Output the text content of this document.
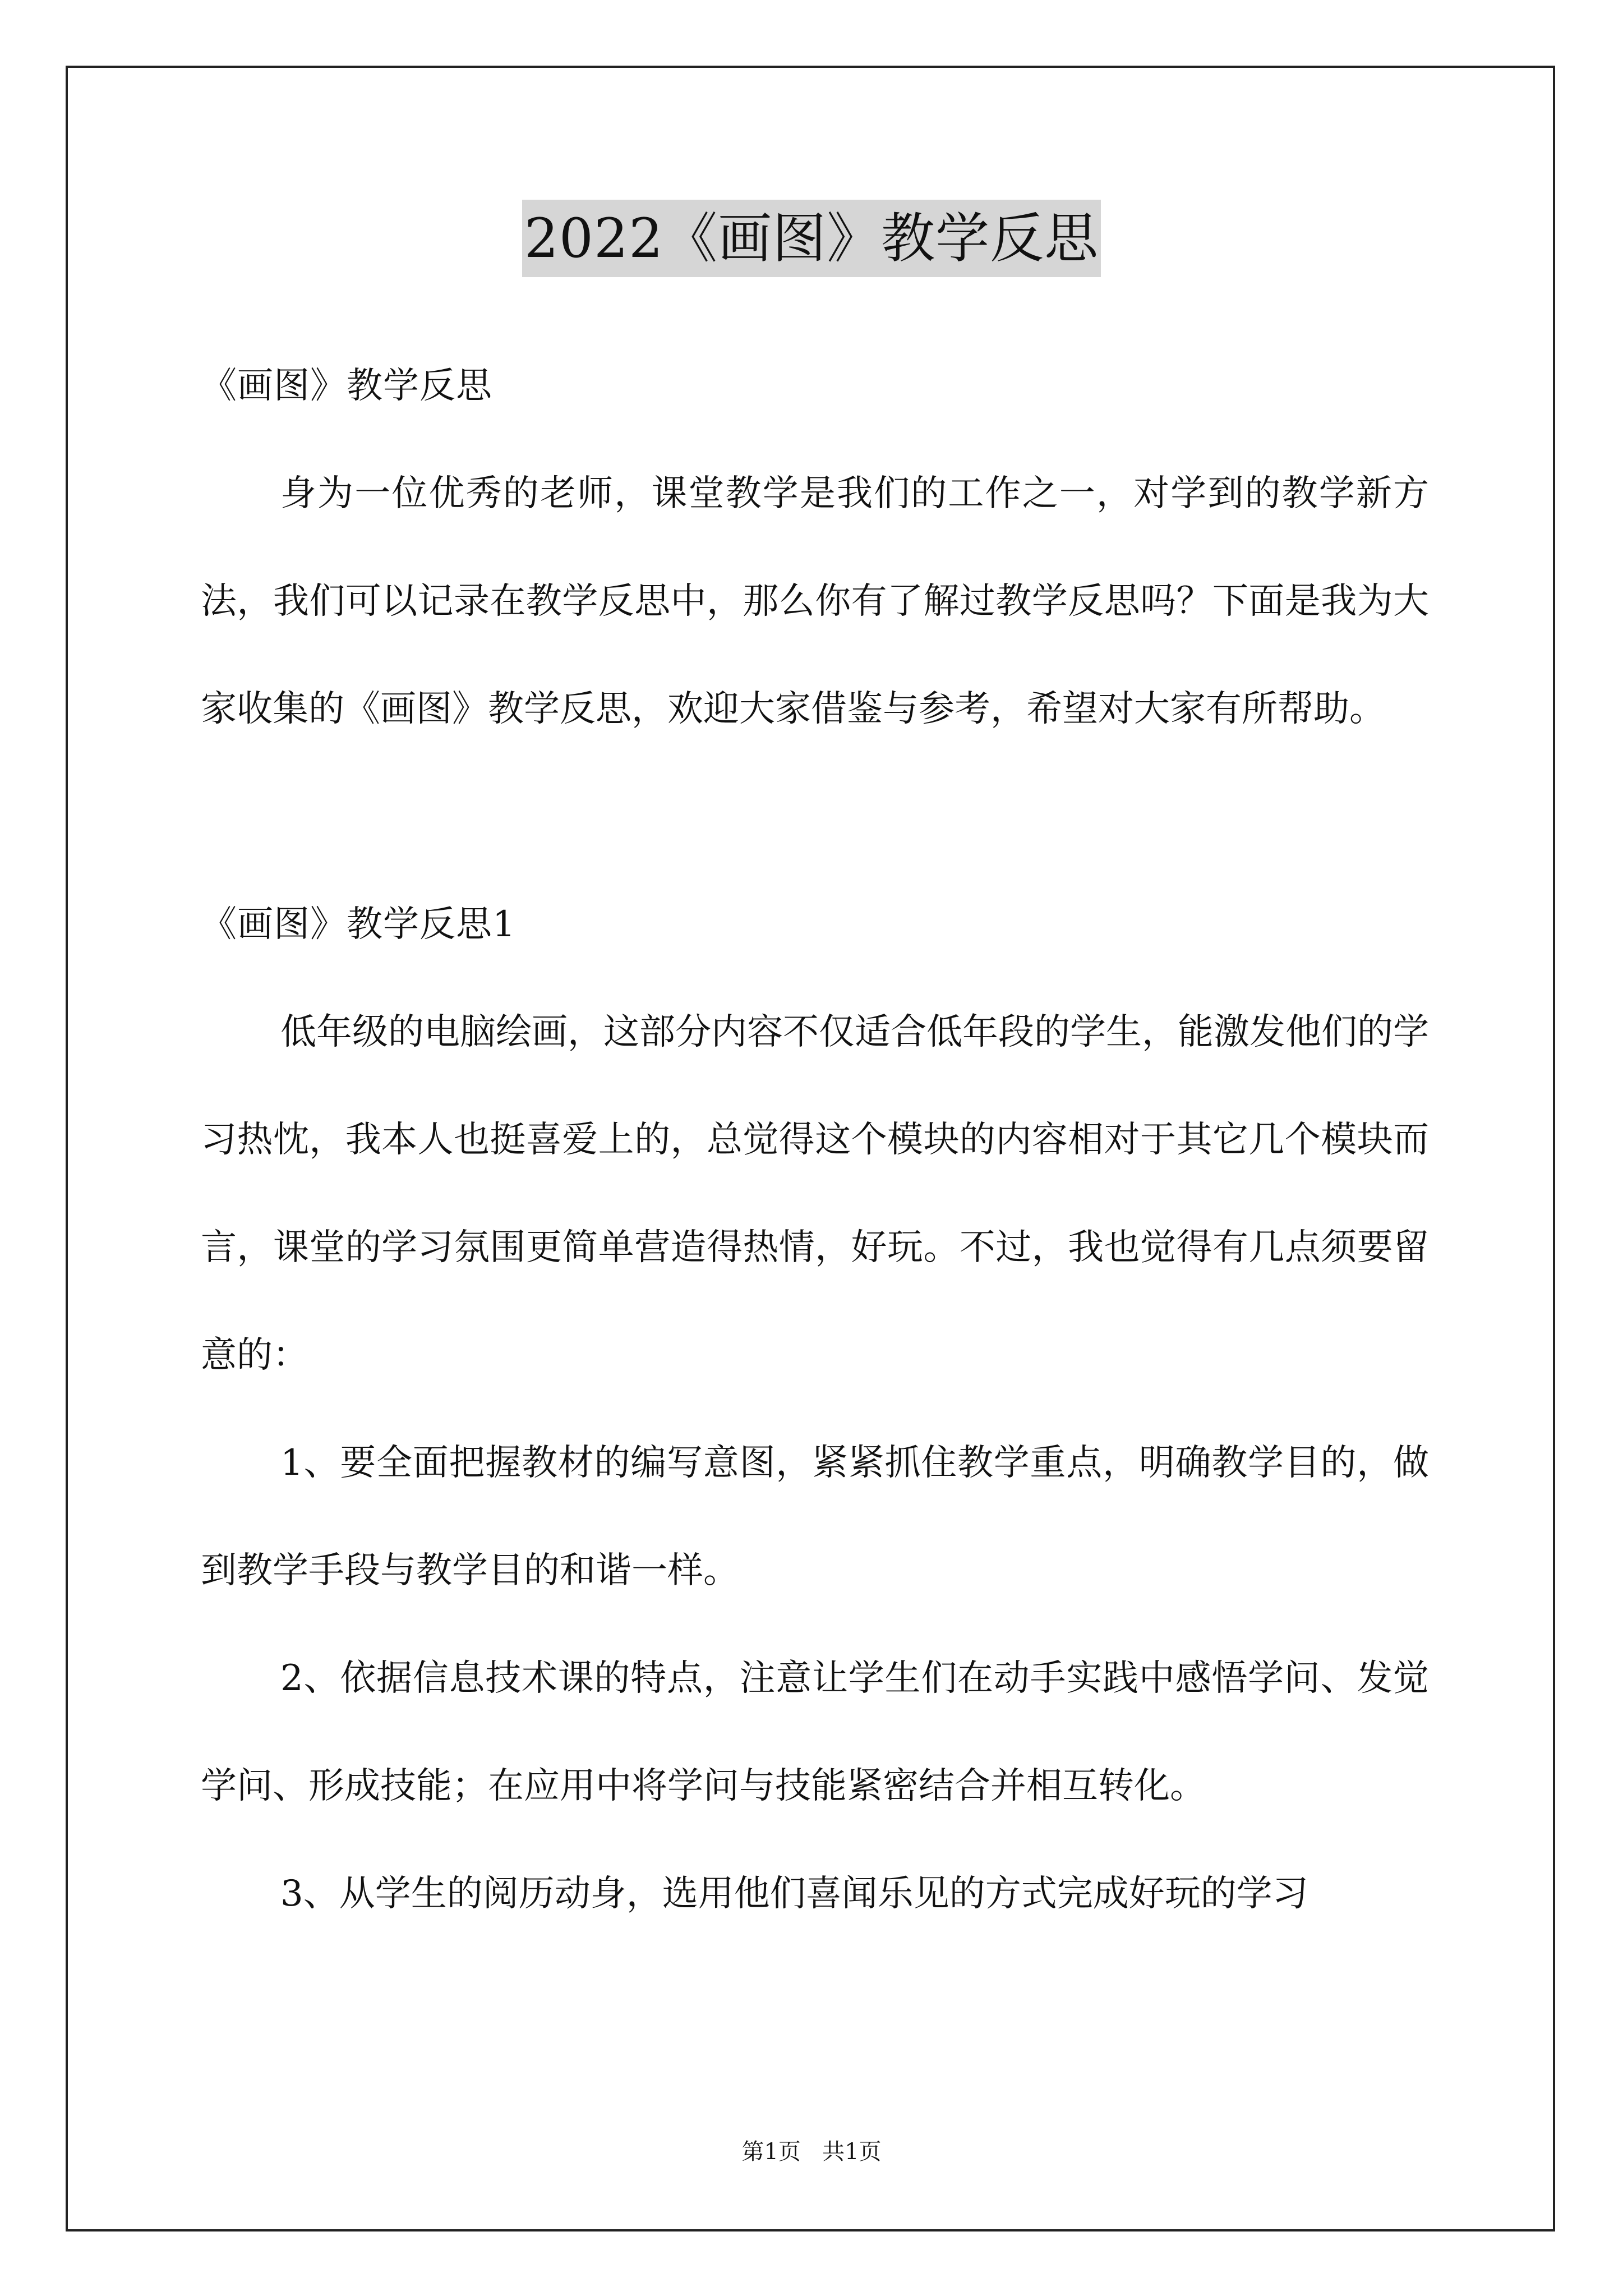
2022《画图》教学反思

《画图》教学反思

身为一位优秀的老师，课堂教学是我们的工作之一，对学到的教学新方法，我们可以记录在教学反思中，那么你有了解过教学反思吗？下面是我为大家收集的《画图》教学反思，欢迎大家借鉴与参考，希望对大家有所帮助。

《画图》教学反思1

低年级的电脑绘画，这部分内容不仅适合低年段的学生，能激发他们的学习热忱，我本人也挺喜爱上的，总觉得这个模块的内容相对于其它几个模块而言，课堂的学习氛围更简单营造得热情，好玩。不过，我也觉得有几点须要留意的：

1、要全面把握教材的编写意图，紧紧抓住教学重点，明确教学目的，做到教学手段与教学目的和谐一样。

2、依据信息技术课的特点，注意让学生们在动手实践中感悟学问、发觉学问、形成技能；在应用中将学问与技能紧密结合并相互转化。

3、从学生的阅历动身，选用他们喜闻乐见的方式完成好玩的学习

第1页 共1页
